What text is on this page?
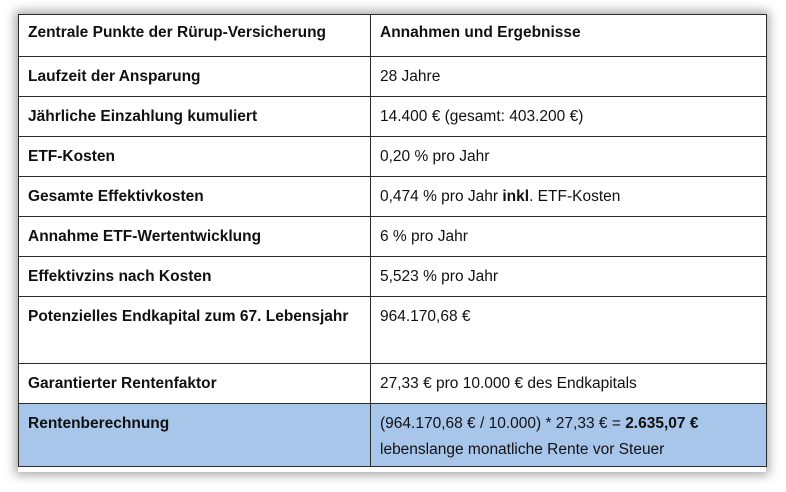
Zentrale Punkte der Rürup-Versicherung	Annahmen und Ergebnisse
Laufzeit der Ansparung	28 Jahre
Jährliche Einzahlung kumuliert	14.400 € (gesamt: 403.200 €)
ETF-Kosten	0,20 % pro Jahr
Gesamte Effektivkosten	0,474 % pro Jahr inkl. ETF-Kosten
Annahme ETF-Wertentwicklung	6 % pro Jahr
Effektivzins nach Kosten	5,523 % pro Jahr
Potenzielles Endkapital zum 67. Lebensjahr	964.170,68 €
Garantierter Rentenfaktor	27,33 € pro 10.000 € des Endkapitals
Rentenberechnung	(964.170,68 € / 10.000) * 27,33 € = 2.635,07 €
lebenslange monatliche Rente vor Steuer
